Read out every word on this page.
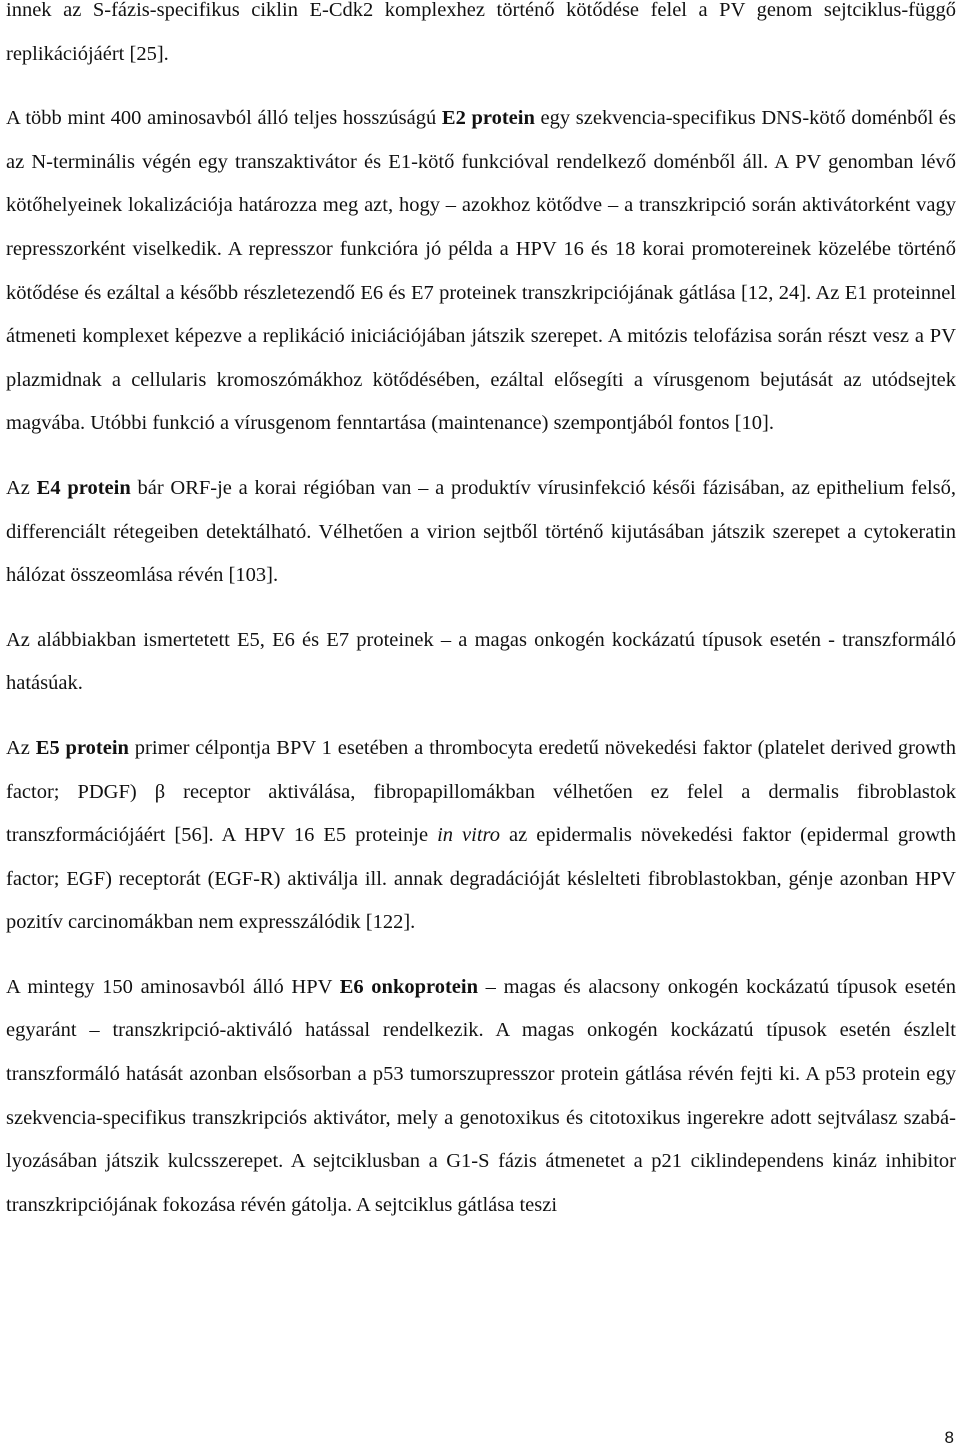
innek az S-fázis-specifikus ciklin E-Cdk2 komplexhez történő kötődése felel a PV genom sejtciklus-függő replikációjáért [25].

A több mint 400 aminosavból álló teljes hosszúságú E2 protein egy szekvencia-specifikus DNS-kötő doménből és az N-terminális végén egy transzaktivátor és E1-kötő funkcióval rendelkező doménből áll. A PV genomban lévő kötőhelyeinek lokalizációja határozza meg azt, hogy – azokhoz kötődve – a transzkripció során aktivátorként vagy represszorként viselkedik. A represszor funkcióra jó példa a HPV 16 és 18 korai promotereinek közelébe történő kötődése és ezáltal a később részletezendő E6 és E7 proteinek transzkripciójának gátlása [12, 24]. Az E1 proteinnel átmeneti komplexet képezve a replikáció iniciációjában játszik szerepet. A mitózis telofázisa során részt vesz a PV plazmidnak a cellularis kromoszómákhoz kötődésében, ezáltal elősegíti a vírusgenom bejutását az utódsejtek magvába. Utóbbi funkció a vírusgenom fenntartása (maintenance) szempontjából fontos [10].

Az E4 protein bár ORF-je a korai régióban van – a produktív vírusinfekció késői fázisában, az epithelium felső, differenciált rétegeiben detektálható. Vélhetően a virion sejtből történő kijutásában játszik szerepet a cytokeratin hálózat összeomlása révén [103].

Az alábbiakban ismertetett E5, E6 és E7 proteinek – a magas onkogén kockázatú típusok esetén - transzformáló hatásúak.

Az E5 protein primer célpontja BPV 1 esetében a thrombocyta eredetű növekedési faktor (platelet derived growth factor; PDGF) β receptor aktiválása, fibropapillomákban vélhetően ez felel a dermalis fibroblastok transzformációjáért [56]. A HPV 16 E5 proteinje in vitro az epidermalis növekedési faktor (epidermal growth factor; EGF) receptorát (EGF-R) aktiválja ill. annak degradációját késlelteti fibroblastokban, génje azonban HPV pozitív carcinomákban nem expresszálódik [122].

A mintegy 150 aminosavból álló HPV E6 onkoprotein – magas és alacsony onkogén kockázatú típusok esetén egyaránt – transzkripció-aktiváló hatással rendelkezik. A magas onkogén kockázatú típusok esetén észlelt transzformáló hatását azonban elsősorban a p53 tumorszupresszor protein gátlása révén fejti ki. A p53 protein egy szekvencia-specifikus transzkripciós aktivátor, mely a genotoxikus és citotoxikus ingerekre adott sejtválasz szabályozásában játszik kulcsszerepet. A sejtciklusban a G1-S fázis átmenetet a p21 ciklindependens kináz inhibitor transzkripciójának fokozása révén gátolja. A sejtciklus gátlása teszi

8
